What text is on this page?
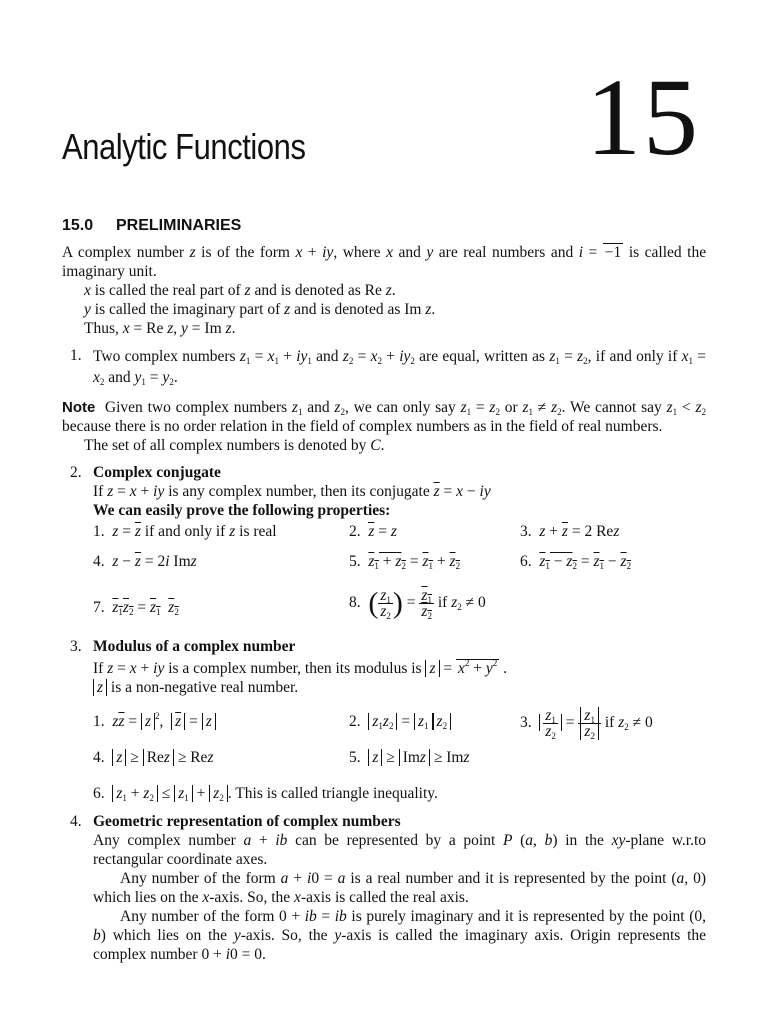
15
Analytic Functions
15.0 PRELIMINARIES

A complex number z is of the form x + iy, where x and y are real numbers and i = −1 is called the imaginary unit.

x is called the real part of z and is denoted as Re z.

y is called the imaginary part of z and is denoted as Im z.

Thus, x = Re z, y = Im z.

1. Two complex numbers $z_1 = x_1 + iy_1$ and $z_2 = x_2 + iy_2$ are equal, written as $z_1 = z_2$, if and only if $x_1 = x_2$ and $y_1 = y_2$.

Note Given two complex numbers $z_1$ and $z_2$, we can only say $z_1 = z_2$ or $z_1 \ne z_2$. We cannot say $z_1 < z_2$ because there is no order relation in the field of complex numbers as in the field of real numbers.

The set of all complex numbers is denoted by C.

2. Complex conjugate

If z = x + iy is any complex number, then its conjugate $\overline{z} = x$ − iy

We can easily prove the following properties:

1. $z = \overline{z}$ if and only if z is real	2. $\overline{z} = z$	3. $z + \overline{z} = 2$ Rez
4. $z - \overline{z} = 2i$ Imz	5. $z_1 + z_2 = z_1 + z_2$	6. $z_1 - z_2 = z_1 - z_2$
7. $z_1z_2 = z_1$ $z_2$
8. ( $\frac{z_1}{z_2}$ ) = $\frac{z_1}{z_2}$ if $z_2 \ne 0$
3. Modulus of a complex number

If z = x + iy is a complex number, then its modulus is $z = x^2 + y^2$ .

z is a non-negative real number.

1. $z\overline{z} = z$ $^2$,  $\overline{z} = z$	2. $z_1z_2 = z_1$ $z_2$	3. $\frac{z_1}{z_2} = \frac{z_1}{z_2}$ if $z_2 \ne 0$
4. z ≥ Rez ≥ Rez	5. z ≥ Imz ≥ Imz
6. $z_1 + z_2 \le z_1 + z_2$ . This is called triangle inequality.
4. Geometric representation of complex numbers

Any complex number a + ib can be represented by a point P (a, b) in the xy-plane w.r.to rectangular coordinate axes.

Any number of the form a + i0 = a is a real number and it is represented by the point (a, 0) which lies on the x-axis. So, the x-axis is called the real axis.

Any number of the form 0 + ib = ib is purely imaginary and it is represented by the point (0, b) which lies on the y-axis. So, the y-axis is called the imaginary axis. Origin represents the complex number 0 + i0 = 0.
